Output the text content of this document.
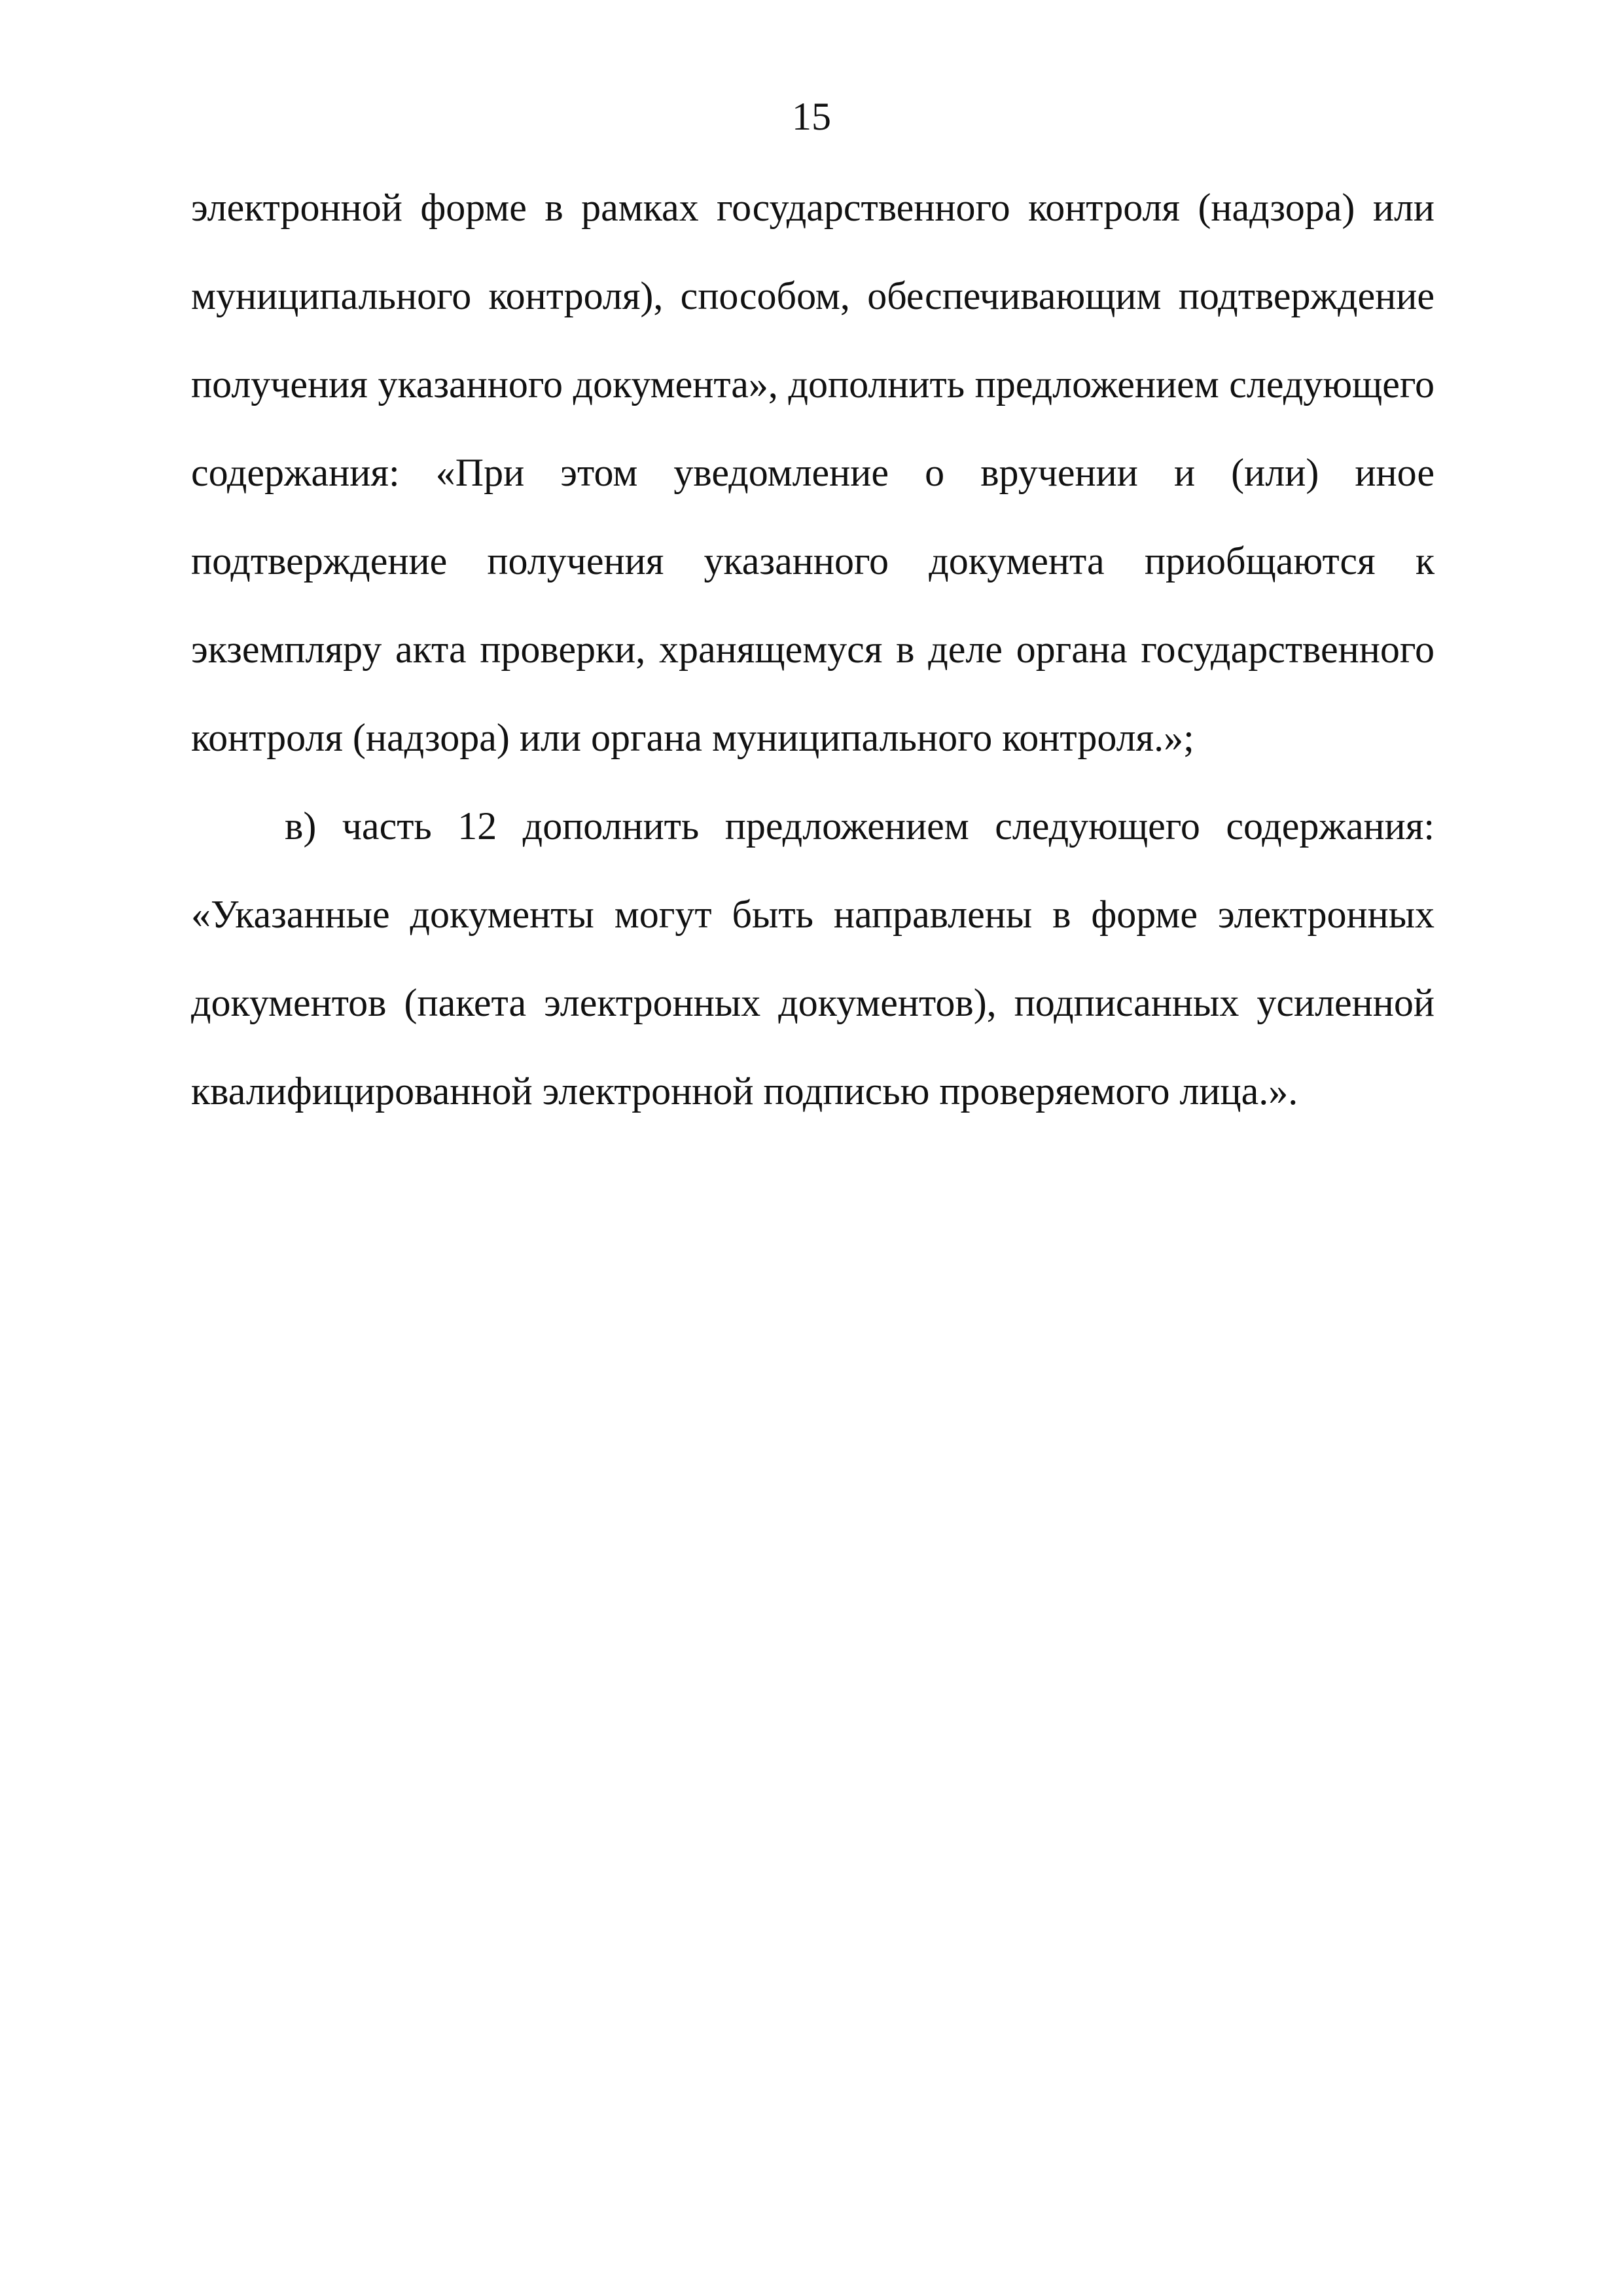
15
электронной форме в рамках государственного контроля (надзора) или
муниципального контроля), способом, обеспечивающим подтверждение
получения указанного документа», дополнить предложением следующего
содержания: «При этом уведомление о вручении и (или) иное
подтверждение получения указанного документа приобщаются к
экземпляру акта проверки, хранящемуся в деле органа государственного
контроля (надзора) или органа муниципального контроля.»;
в) часть 12 дополнить предложением следующего содержания:
«Указанные документы могут быть направлены в форме электронных
документов (пакета электронных документов), подписанных усиленной
квалифицированной электронной подписью проверяемого лица.».
